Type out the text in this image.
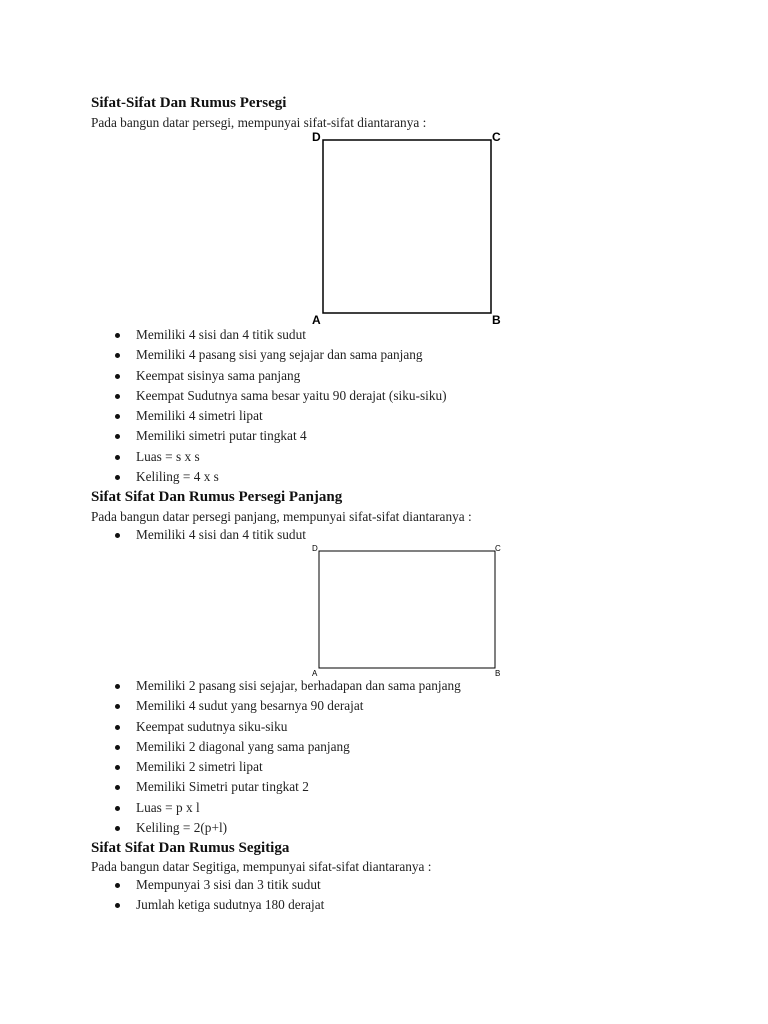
Sifat-Sifat Dan Rumus Persegi
Pada bangun datar persegi, mempunyai sifat-sifat diantaranya :
D	C
A	B
Memiliki 4 sisi dan 4 titik sudut
Memiliki 4 pasang sisi yang sejajar dan sama panjang
Keempat sisinya sama panjang
Keempat Sudutnya sama besar yaitu 90 derajat (siku-siku)
Memiliki 4 simetri lipat
Memiliki simetri putar tingkat 4
Luas = s x s
Keliling = 4 x s
Sifat Sifat Dan Rumus Persegi Panjang
Pada bangun datar persegi panjang, mempunyai sifat-sifat diantaranya :
Memiliki 4 sisi dan 4 titik sudut
D	C
A	B
Memiliki 2 pasang sisi sejajar, berhadapan dan sama panjang
Memiliki 4 sudut yang besarnya 90 derajat
Keempat sudutnya siku-siku
Memiliki 2 diagonal yang sama panjang
Memiliki 2 simetri lipat
Memiliki Simetri putar tingkat 2
Luas = p x l
Keliling = 2(p+l)
Sifat Sifat Dan Rumus Segitiga
Pada bangun datar Segitiga, mempunyai sifat-sifat diantaranya :
Mempunyai 3 sisi dan 3 titik sudut
Jumlah ketiga sudutnya 180 derajat
